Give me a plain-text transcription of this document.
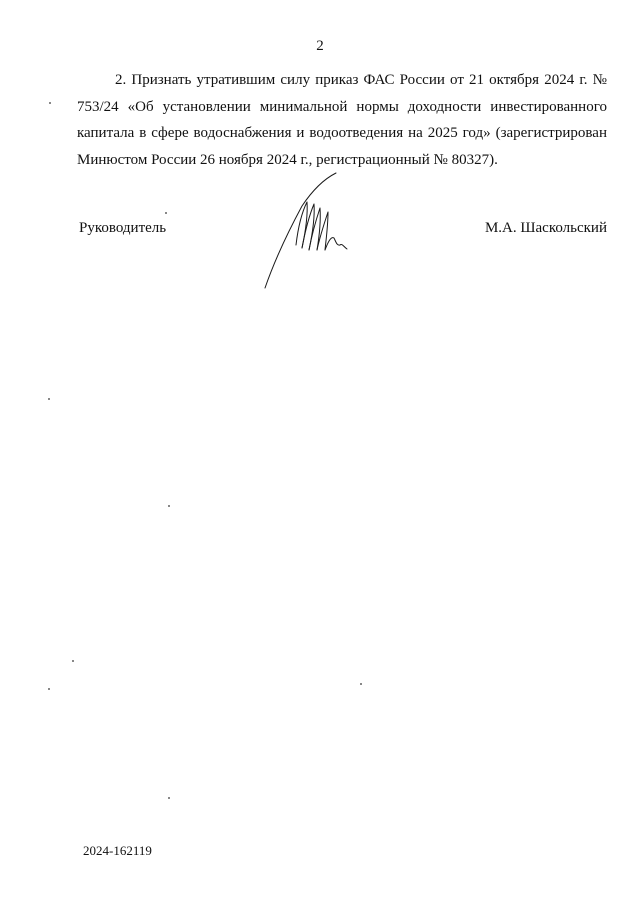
2

2. Признать утратившим силу приказ ФАС России от 21 октября 2024 г. № 753/24 «Об установлении минимальной нормы доходности инвестированного капитала в сфере водоснабжения и водоотведения на 2025 год» (зарегистрирован Минюстом России 26 ноября 2024 г., регистрационный № 80327).

Руководитель	М.А. Шаскольский
2024-162119
